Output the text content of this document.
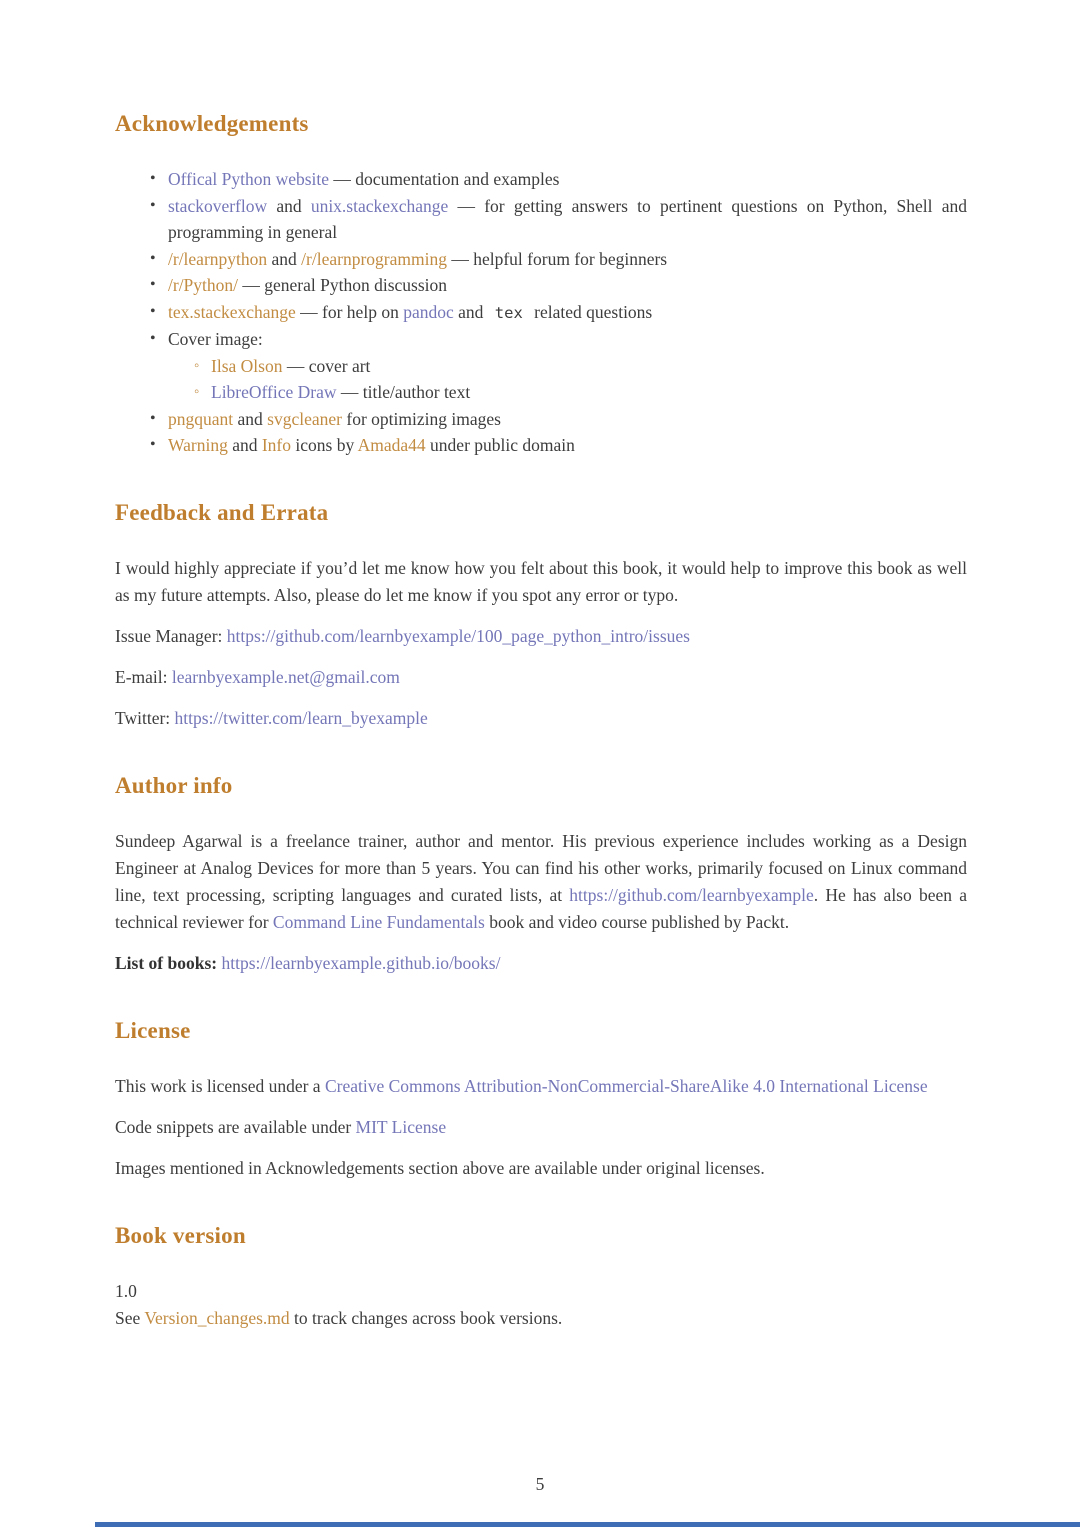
Acknowledgements
• Offical Python website — documentation and examples
• stackoverflow and unix.stackexchange — for getting answers to pertinent questions on Python, Shell and programming in general
• /r/learnpython and /r/learnprogramming — helpful forum for beginners
• /r/Python/ — general Python discussion
• tex.stackexchange — for help on pandoc and tex related questions
• Cover image:
◦ Ilsa Olson — cover art
◦ LibreOffice Draw — title/author text
• pngquant and svgcleaner for optimizing images
• Warning and Info icons by Amada44 under public domain
Feedback and Errata

I would highly appreciate if you’d let me know how you felt about this book, it would help to improve this book as well as my future attempts. Also, please do let me know if you spot any error or typo.

Issue Manager: https://github.com/learnbyexample/100_page_python_intro/issues

E-mail: learnbyexample.net@gmail.com

Twitter: https://twitter.com/learn_byexample

Author info

Sundeep Agarwal is a freelance trainer, author and mentor. His previous experience includes working as a Design Engineer at Analog Devices for more than 5 years. You can find his other works, primarily focused on Linux command line, text processing, scripting languages and curated lists, at https://github.com/learnbyexample. He has also been a technical reviewer for Command Line Fundamentals book and video course published by Packt.

List of books: https://learnbyexample.github.io/books/

License

This work is licensed under a Creative Commons Attribution-NonCommercial-ShareAlike 4.0 International License

Code snippets are available under MIT License

Images mentioned in Acknowledgements section above are available under original licenses.

Book version
1.0
See Version_changes.md to track changes across book versions.
5
